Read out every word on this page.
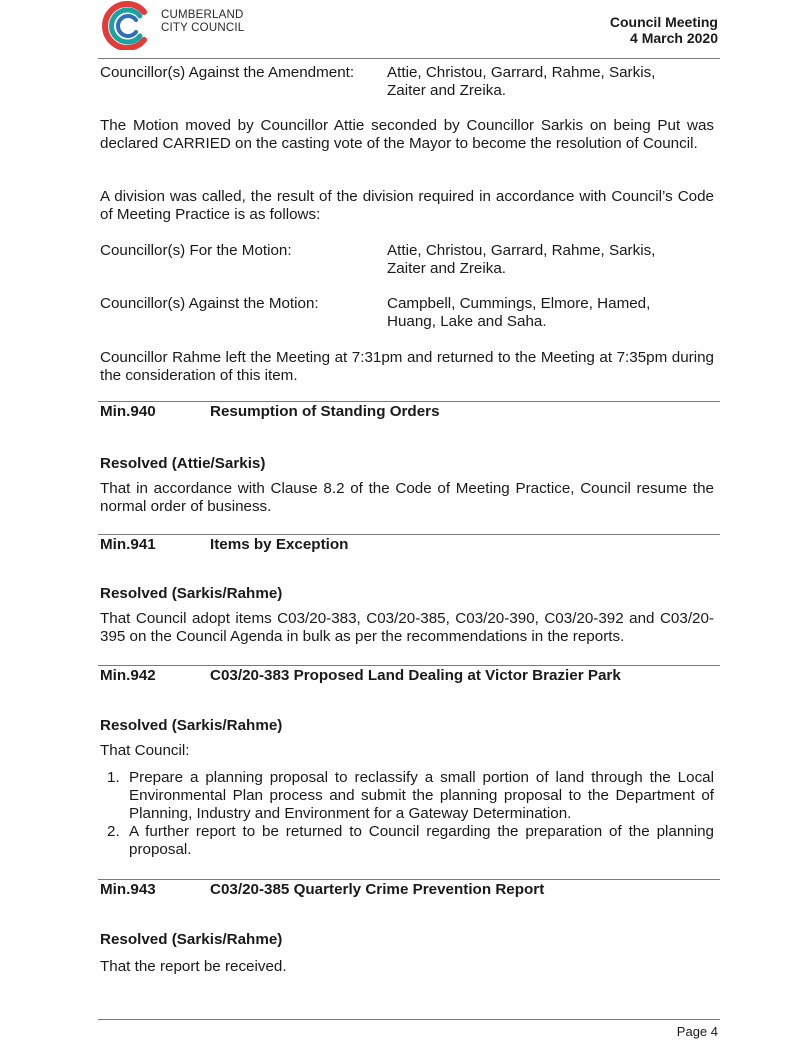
CUMBERLAND
CITY COUNCIL	Council Meeting
4 March 2020
Councillor(s) Against the Amendment: Attie, Christou, Garrard, Rahme, Sarkis,
Zaiter and Zreika.
The Motion moved by Councillor Attie seconded by Councillor Sarkis on being Put was declared CARRIED on the casting vote of the Mayor to become the resolution of Council.
A division was called, the result of the division required in accordance with Council’s Code of Meeting Practice is as follows:
Councillor(s) For the Motion:	Attie, Christou, Garrard, Rahme, Sarkis,
Zaiter and Zreika.
Councillor(s) Against the Motion:	Campbell, Cummings, Elmore, Hamed,
Huang, Lake and Saha.
Councillor Rahme left the Meeting at 7:31pm and returned to the Meeting at 7:35pm during the consideration of this item.
Min.940	Resumption of Standing Orders
Resolved (Attie/Sarkis)
That in accordance with Clause 8.2 of the Code of Meeting Practice, Council resume the normal order of business.
Min.941	Items by Exception
Resolved (Sarkis/Rahme)
That Council adopt items C03/20-383, C03/20-385, C03/20-390, C03/20-392 and C03/20-395 on the Council Agenda in bulk as per the recommendations in the reports.
Min.942	C03/20-383 Proposed Land Dealing at Victor Brazier Park
Resolved (Sarkis/Rahme)
That Council:
1. Prepare a planning proposal to reclassify a small portion of land through the Local Environmental Plan process and submit the planning proposal to the Department of Planning, Industry and Environment for a Gateway Determination.
2. A further report to be returned to Council regarding the preparation of the planning proposal.
Min.943	C03/20-385 Quarterly Crime Prevention Report
Resolved (Sarkis/Rahme)
That the report be received.
Page 4
